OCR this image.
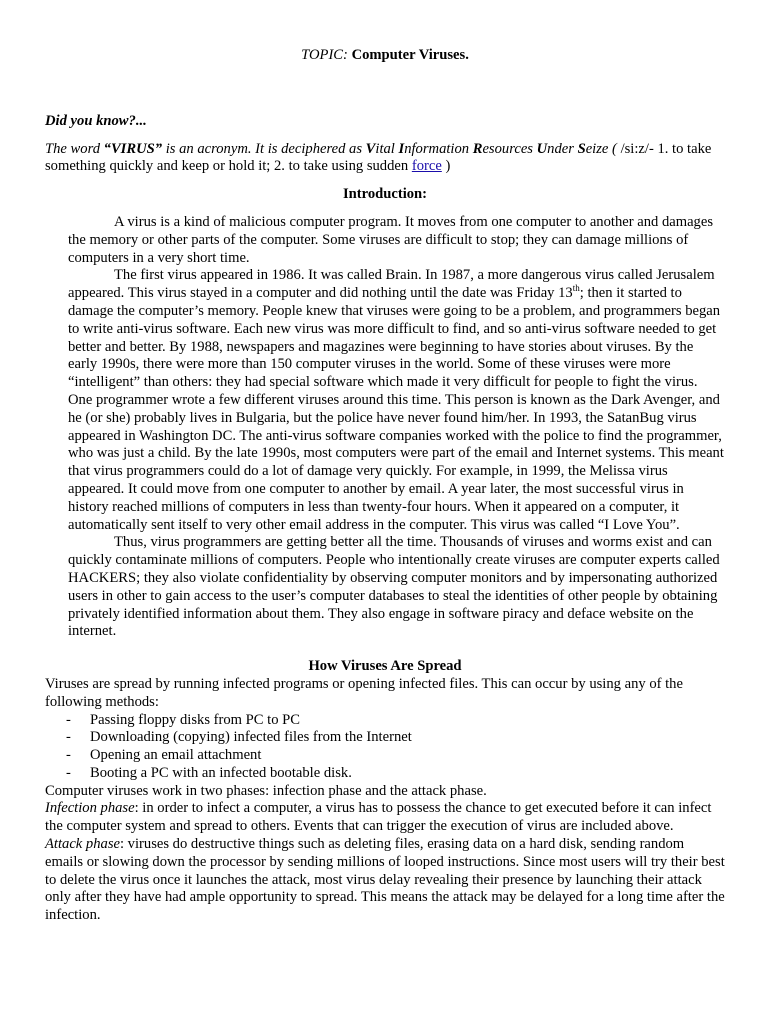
TOPIC: Computer Viruses.

Did you know?...

The word “VIRUS” is an acronym. It is deciphered as Vital Information Resources Under Seize ( /si:z/- 1. to take something quickly and keep or hold it; 2. to take using sudden force )

Introduction:

A virus is a kind of malicious computer program. It moves from one computer to another and damages the memory or other parts of the computer. Some viruses are difficult to stop; they can damage millions of computers in a very short time.

The first virus appeared in 1986. It was called Brain. In 1987, a more dangerous virus called Jerusalem appeared. This virus stayed in a computer and did nothing until the date was Friday 13th; then it started to damage the computer’s memory. People knew that viruses were going to be a problem, and programmers began to write anti-virus software. Each new virus was more difficult to find, and so anti-virus software needed to get better and better. By 1988, newspapers and magazines were beginning to have stories about viruses. By the early 1990s, there were more than 150 computer viruses in the world. Some of these viruses were more “intelligent” than others: they had special software which made it very difficult for people to fight the virus. One programmer wrote a few different viruses around this time. This person is known as the Dark Avenger, and he (or she) probably lives in Bulgaria, but the police have never found him/her. In 1993, the SatanBug virus appeared in Washington DC. The anti-virus software companies worked with the police to find the programmer, who was just a child. By the late 1990s, most computers were part of the email and Internet systems. This meant that virus programmers could do a lot of damage very quickly. For example, in 1999, the Melissa virus appeared. It could move from one computer to another by email. A year later, the most successful virus in history reached millions of computers in less than twenty-four hours. When it appeared on a computer, it automatically sent itself to very other email address in the computer. This virus was called “I Love You”.

Thus, virus programmers are getting better all the time. Thousands of viruses and worms exist and can quickly contaminate millions of computers. People who intentionally create viruses are computer experts called HACKERS; they also violate confidentiality by observing computer monitors and by impersonating authorized users in other to gain access to the user’s computer databases to steal the identities of other people by obtaining privately identified information about them. They also engage in software piracy and deface website on the internet.

How Viruses Are Spread

Viruses are spread by running infected programs or opening infected files. This can occur by using any of the following methods:

- Passing floppy disks from PC to PC
- Downloading (copying) infected files from the Internet
- Opening an email attachment
- Booting a PC with an infected bootable disk.

Computer viruses work in two phases: infection phase and the attack phase.

Infection phase: in order to infect a computer, a virus has to possess the chance to get executed before it can infect the computer system and spread to others. Events that can trigger the execution of virus are included above.

Attack phase: viruses do destructive things such as deleting files, erasing data on a hard disk, sending random emails or slowing down the processor by sending millions of looped instructions. Since most users will try their best to delete the virus once it launches the attack, most virus delay revealing their presence by launching their attack only after they have had ample opportunity to spread. This means the attack may be delayed for a long time after the infection.
